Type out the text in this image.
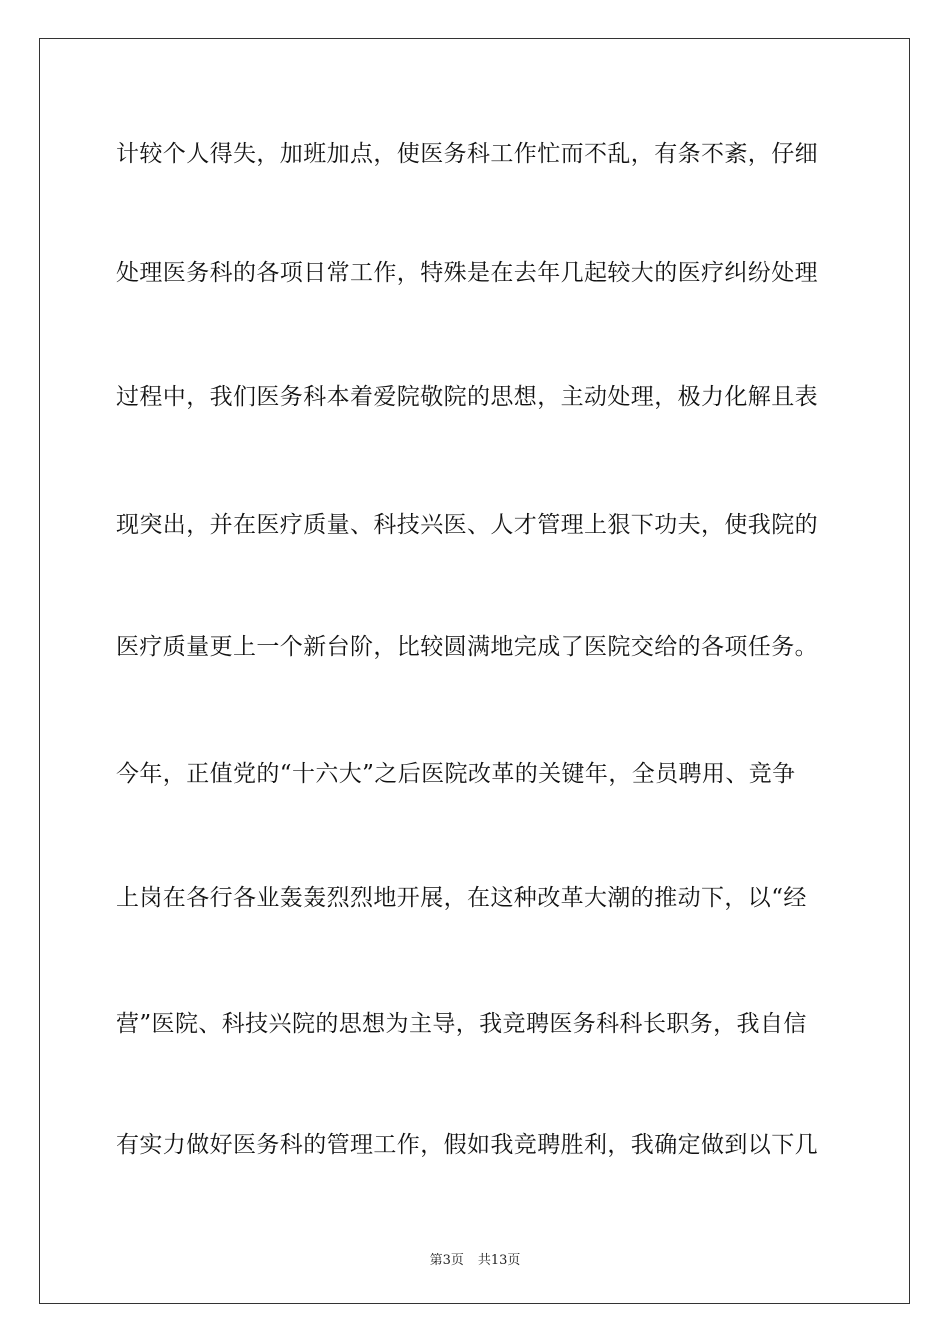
计较个人得失，加班加点，使医务科工作忙而不乱，有条不紊，仔细
处理医务科的各项日常工作，特殊是在去年几起较大的医疗纠纷处理
过程中，我们医务科本着爱院敬院的思想，主动处理，极力化解且表
现突出，并在医疗质量、科技兴医、人才管理上狠下功夫，使我院的
医疗质量更上一个新台阶，比较圆满地完成了医院交给的各项任务。
今年，正值党的“十六大”之后医院改革的关键年，全员聘用、竞争
上岗在各行各业轰轰烈烈地开展，在这种改革大潮的推动下，以“经
营”医院、科技兴院的思想为主导，我竞聘医务科科长职务，我自信
有实力做好医务科的管理工作，假如我竞聘胜利，我确定做到以下几
第3页 共13页
